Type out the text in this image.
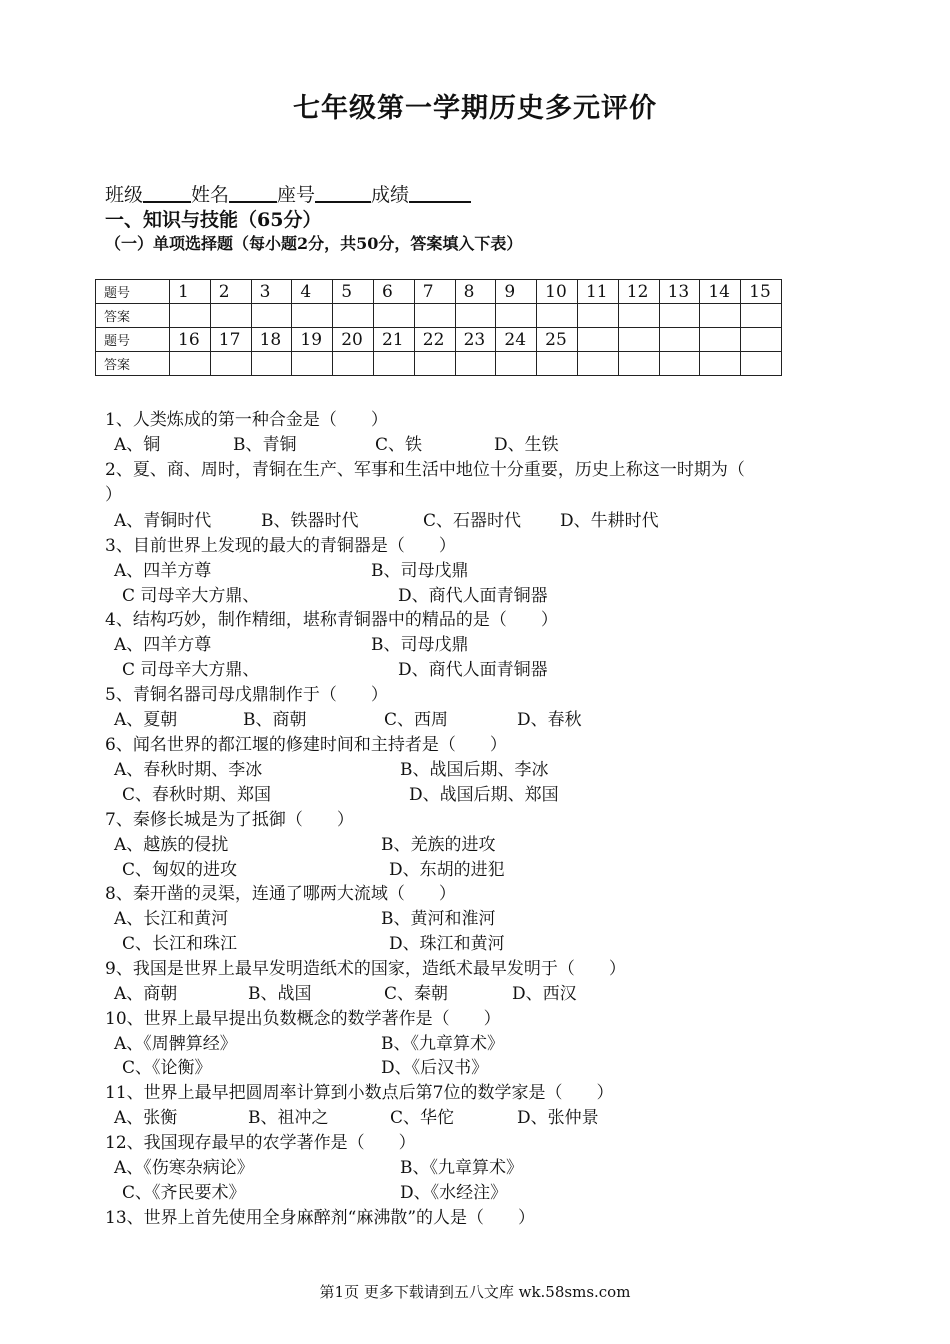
七年级第一学期历史多元评价
班级	姓名	座号	成绩
一、知识与技能（65分）
（一）单项选择题（每小题2分，共50分，答案填入下表）
题号	1	2	3	4	5	6	7	8	9	10	11	12	13	14	15
答案															
题号	16	17	18	19	20	21	22	23	24	25					
答案															
1、人类炼成的第一种合金是（　　）
A、铜	B、青铜	C、铁	D、生铁
2、夏、商、周时，青铜在生产、军事和生活中地位十分重要，历史上称这一时期为（
）
A、青铜时代	B、铁器时代	C、石器时代 D、牛耕时代
3、目前世界上发现的最大的青铜器是（　　）
A、四羊方尊	B、司母戊鼎
C 司母辛大方鼎、	D、商代人面青铜器
4、结构巧妙，制作精细，堪称青铜器中的精品的是（　　）
A、四羊方尊	B、司母戊鼎
C 司母辛大方鼎、	D、商代人面青铜器
5、青铜名器司母戊鼎制作于（　　）
A、夏朝	B、商朝	C、西周	D、春秋
6、闻名世界的都江堰的修建时间和主持者是（　　）
A、春秋时期、李冰	B、战国后期、李冰
C、春秋时期、郑国	D、战国后期、郑国
7、秦修长城是为了抵御（　　）
A、越族的侵扰	B、羌族的进攻
C、匈奴的进攻	D、东胡的进犯
8、秦开凿的灵渠，连通了哪两大流域（　　）
A、长江和黄河	B、黄河和淮河
C、长江和珠江	D、珠江和黄河
9、我国是世界上最早发明造纸术的国家，造纸术最早发明于（　　）
A、商朝	B、战国	C、秦朝	D、西汉
10、世界上最早提出负数概念的数学著作是（　　）
A、《周髀算经》	B、《九章算术》
C、《论衡》	D、《后汉书》
11、世界上最早把圆周率计算到小数点后第7位的数学家是（　　）
A、张衡	B、祖冲之	C、华佗	D、张仲景
12、我国现存最早的农学著作是（　　）
A、《伤寒杂病论》	B、《九章算术》
C、《齐民要术》	D、《水经注》
13、世界上首先使用全身麻醉剂“麻沸散”的人是（　　）
第1页 更多下载请到五八文库 wk.58sms.com
